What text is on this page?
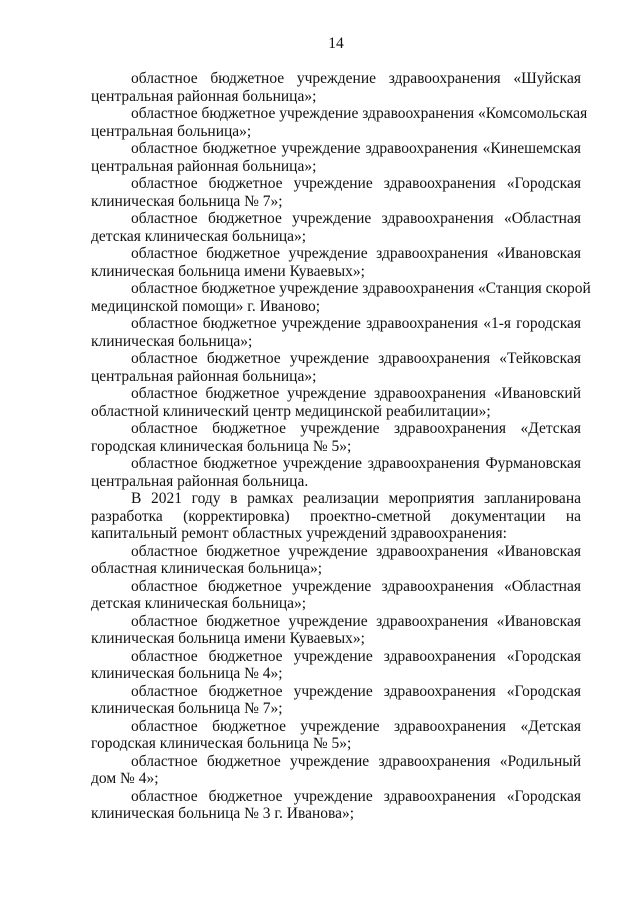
14
областное бюджетное учреждение здравоохранения «Шуйская
центральная районная больница»;
областное бюджетное учреждение здравоохранения «Комсомольская
центральная больница»;
областное бюджетное учреждение здравоохранения «Кинешемская
центральная районная больница»;
областное бюджетное учреждение здравоохранения «Городская
клиническая больница № 7»;
областное бюджетное учреждение здравоохранения «Областная
детская клиническая больница»;
областное бюджетное учреждение здравоохранения «Ивановская
клиническая больница имени Куваевых»;
областное бюджетное учреждение здравоохранения «Станция скорой
медицинской помощи» г. Иваново;
областное бюджетное учреждение здравоохранения «1-я городская
клиническая больница»;
областное бюджетное учреждение здравоохранения «Тейковская
центральная районная больница»;
областное бюджетное учреждение здравоохранения «Ивановский
областной клинический центр медицинской реабилитации»;
областное бюджетное учреждение здравоохранения «Детская
городская клиническая больница № 5»;
областное бюджетное учреждение здравоохранения Фурмановская
центральная районная больница.
В 2021 году в рамках реализации мероприятия запланирована
разработка (корректировка) проектно-сметной документации на
капитальный ремонт областных учреждений здравоохранения:
областное бюджетное учреждение здравоохранения «Ивановская
областная клиническая больница»;
областное бюджетное учреждение здравоохранения «Областная
детская клиническая больница»;
областное бюджетное учреждение здравоохранения «Ивановская
клиническая больница имени Куваевых»;
областное бюджетное учреждение здравоохранения «Городская
клиническая больница № 4»;
областное бюджетное учреждение здравоохранения «Городская
клиническая больница № 7»;
областное бюджетное учреждение здравоохранения «Детская
городская клиническая больница № 5»;
областное бюджетное учреждение здравоохранения «Родильный
дом № 4»;
областное бюджетное учреждение здравоохранения «Городская
клиническая больница № 3 г. Иванова»;
